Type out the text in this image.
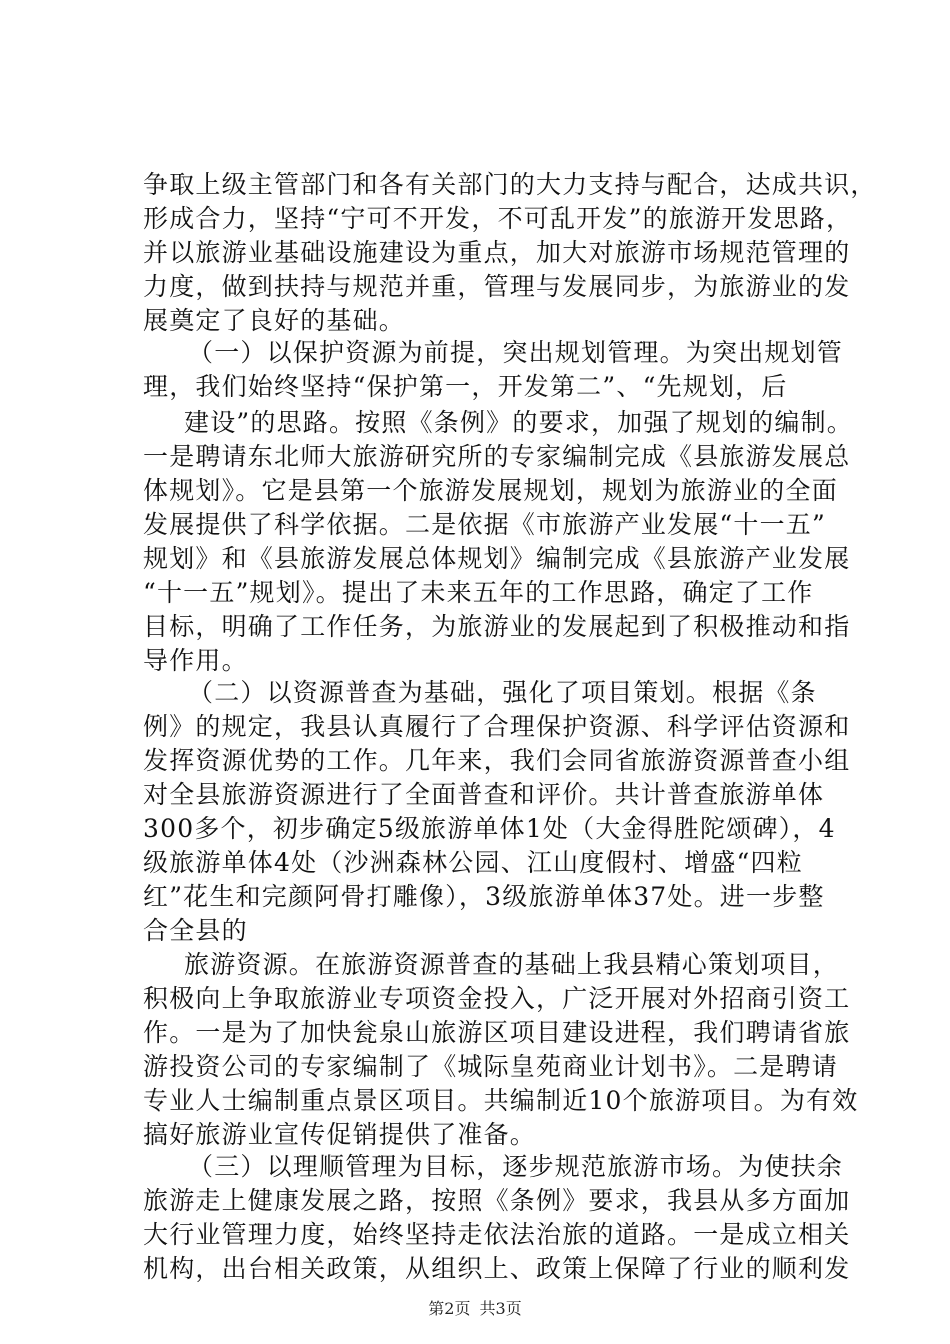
争取上级主管部门和各有关部门的大力支持与配合，达成共识，
形成合力，坚持“宁可不开发，不可乱开发”的旅游开发思路，
并以旅游业基础设施建设为重点，加大对旅游市场规范管理的
力度，做到扶持与规范并重，管理与发展同步，为旅游业的发
展奠定了良好的基础。
（一）以保护资源为前提，突出规划管理。为突出规划管
理，我们始终坚持“保护第一，开发第二”、“先规划，后
建设”的思路。按照《条例》的要求，加强了规划的编制。
一是聘请东北师大旅游研究所的专家编制完成《县旅游发展总
体规划》。它是县第一个旅游发展规划，规划为旅游业的全面
发展提供了科学依据。二是依据《市旅游产业发展“十一五”
规划》和《县旅游发展总体规划》编制完成《县旅游产业发展
“十一五”规划》。提出了未来五年的工作思路，确定了工作
目标，明确了工作任务，为旅游业的发展起到了积极推动和指
导作用。
（二）以资源普查为基础，强化了项目策划。根据《条
例》的规定，我县认真履行了合理保护资源、科学评估资源和
发挥资源优势的工作。几年来，我们会同省旅游资源普查小组
对全县旅游资源进行了全面普查和评价。共计普查旅游单体
300多个，初步确定5级旅游单体1处（大金得胜陀颂碑），4
级旅游单体4处（沙洲森林公园、江山度假村、增盛“四粒
红”花生和完颜阿骨打雕像），3级旅游单体37处。进一步整
合全县的
旅游资源。在旅游资源普查的基础上我县精心策划项目，
积极向上争取旅游业专项资金投入，广泛开展对外招商引资工
作。一是为了加快瓮泉山旅游区项目建设进程，我们聘请省旅
游投资公司的专家编制了《城际皇苑商业计划书》。二是聘请
专业人士编制重点景区项目。共编制近10个旅游项目。为有效
搞好旅游业宣传促销提供了准备。
（三）以理顺管理为目标，逐步规范旅游市场。为使扶余
旅游走上健康发展之路，按照《条例》要求，我县从多方面加
大行业管理力度，始终坚持走依法治旅的道路。一是成立相关
机构，出台相关政策，从组织上、政策上保障了行业的顺利发
第2页 共3页
